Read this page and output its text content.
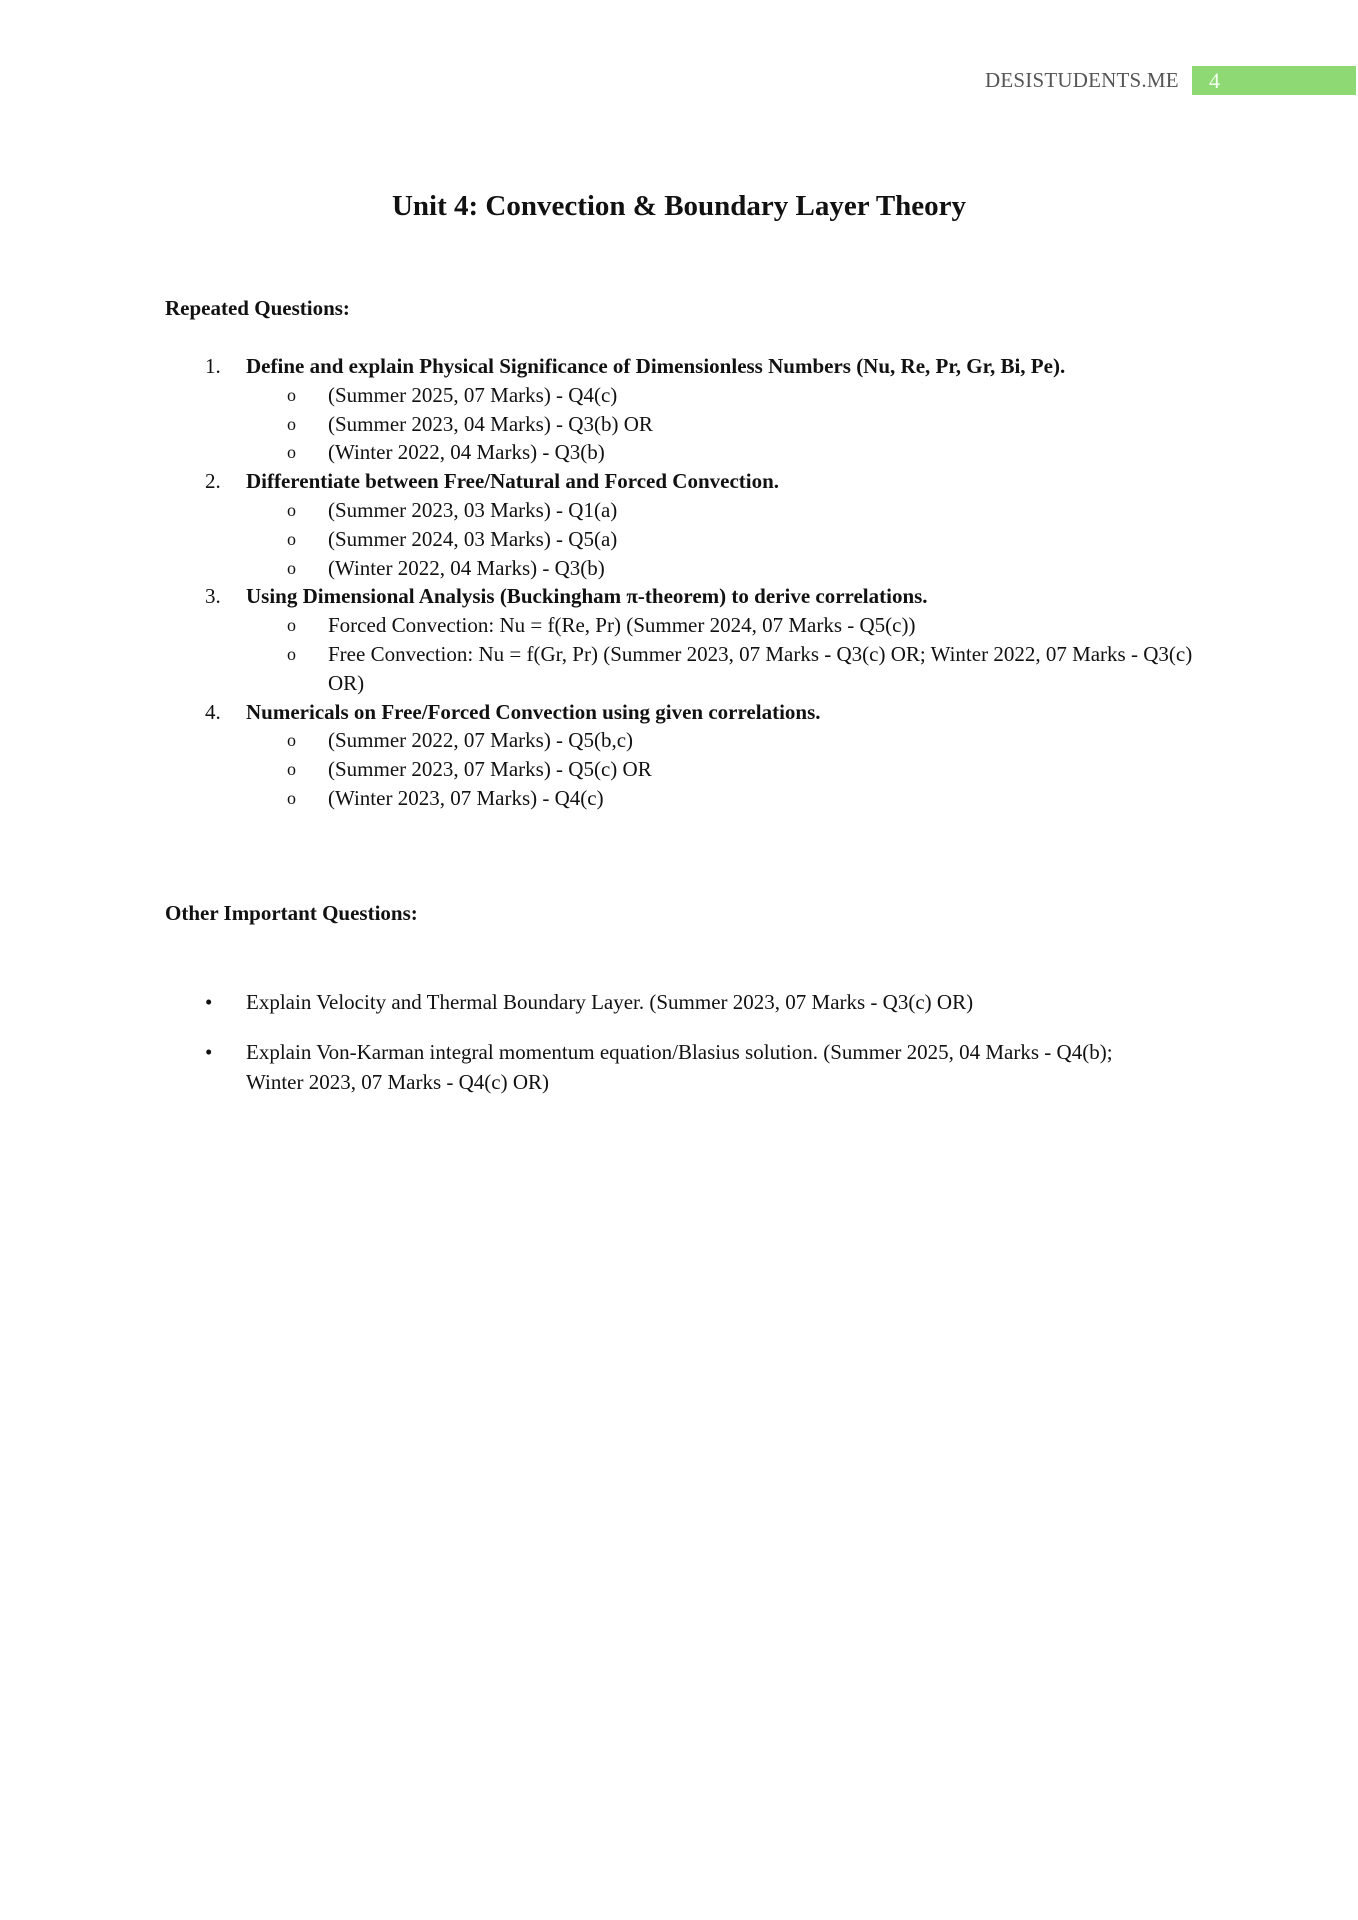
DESISTUDENTS.ME	4
Unit 4: Convection & Boundary Layer Theory
Repeated Questions:
1. Define and explain Physical Significance of Dimensionless Numbers (Nu, Re, Pr, Gr, Bi, Pe).
o (Summer 2025, 07 Marks) - Q4(c)
o (Summer 2023, 04 Marks) - Q3(b) OR
o (Winter 2022, 04 Marks) - Q3(b)
2. Differentiate between Free/Natural and Forced Convection.
o (Summer 2023, 03 Marks) - Q1(a)
o (Summer 2024, 03 Marks) - Q5(a)
o (Winter 2022, 04 Marks) - Q3(b)
3. Using Dimensional Analysis (Buckingham π-theorem) to derive correlations.
o Forced Convection: Nu = f(Re, Pr) (Summer 2024, 07 Marks - Q5(c))
o Free Convection: Nu = f(Gr, Pr) (Summer 2023, 07 Marks - Q3(c) OR; Winter 2022, 07 Marks - Q3(c) OR)
4. Numericals on Free/Forced Convection using given correlations.
o (Summer 2022, 07 Marks) - Q5(b,c)
o (Summer 2023, 07 Marks) - Q5(c) OR
o (Winter 2023, 07 Marks) - Q4(c)
Other Important Questions:
• Explain Velocity and Thermal Boundary Layer. (Summer 2023, 07 Marks - Q3(c) OR)
• Explain Von-Karman integral momentum equation/Blasius solution. (Summer 2025, 04 Marks - Q4(b); Winter 2023, 07 Marks - Q4(c) OR)
